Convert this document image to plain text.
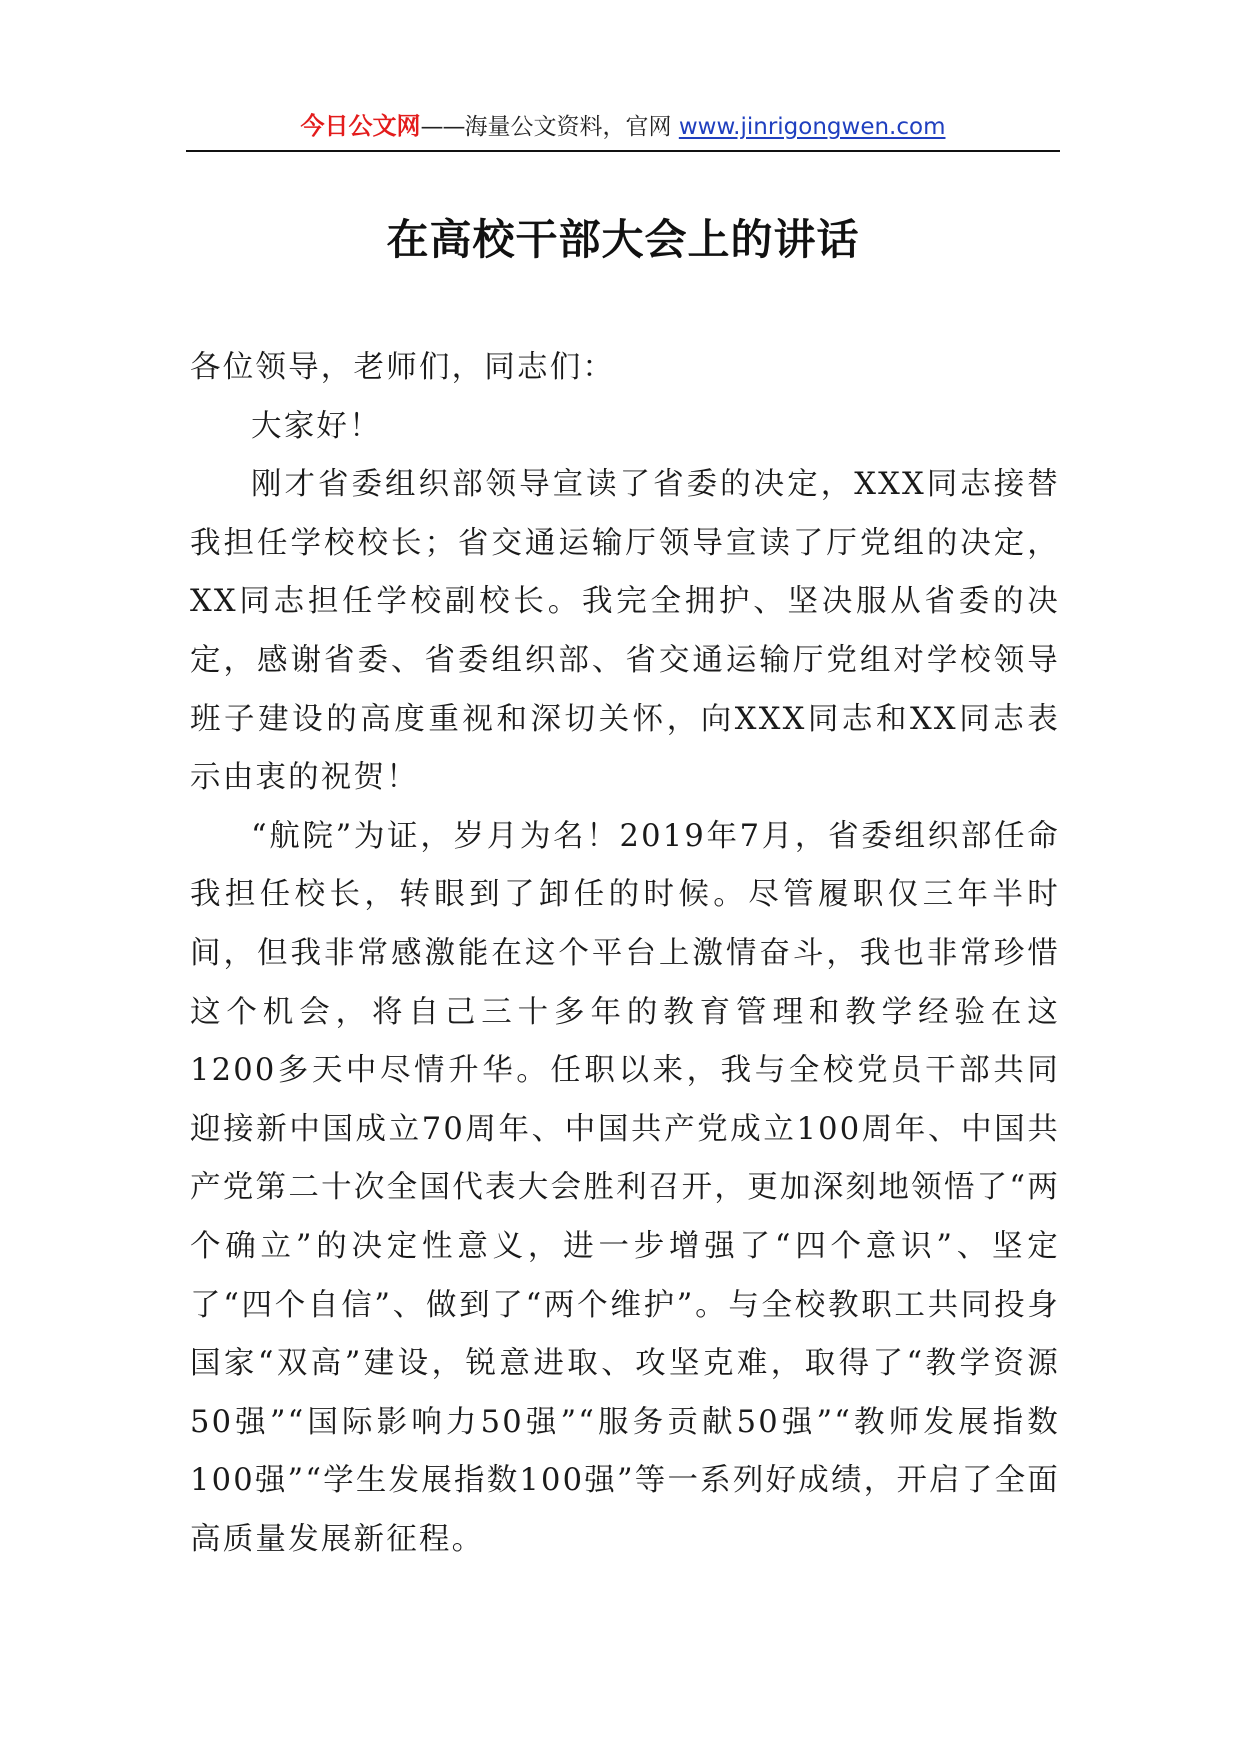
今日公文网——海量公文资料，官网 www.jinrigongwen.com
在高校干部大会上的讲话

各位领导，老师们，同志们：

大家好！

刚才省委组织部领导宣读了省委的决定，XXX同志接替我担任学校校长；省交通运输厅领导宣读了厅党组的决定，XX同志担任学校副校长。我完全拥护、坚决服从省委的决定，感谢省委、省委组织部、省交通运输厅党组对学校领导班子建设的高度重视和深切关怀，向XXX同志和XX同志表示由衷的祝贺！

“航院”为证，岁月为名！2019年7月，省委组织部任命我担任校长，转眼到了卸任的时候。尽管履职仅三年半时间，但我非常感激能在这个平台上激情奋斗，我也非常珍惜这个机会，将自己三十多年的教育管理和教学经验在这1200多天中尽情升华。任职以来，我与全校党员干部共同迎接新中国成立70周年、中国共产党成立100周年、中国共产党第二十次全国代表大会胜利召开，更加深刻地领悟了“两个确立”的决定性意义，进一步增强了“四个意识”、坚定了“四个自信”、做到了“两个维护”。与全校教职工共同投身国家“双高”建设，锐意进取、攻坚克难，取得了“教学资源50强”“国际影响力50强”“服务贡献50强”“教师发展指数100强”“学生发展指数100强”等一系列好成绩，开启了全面高质量发展新征程。
